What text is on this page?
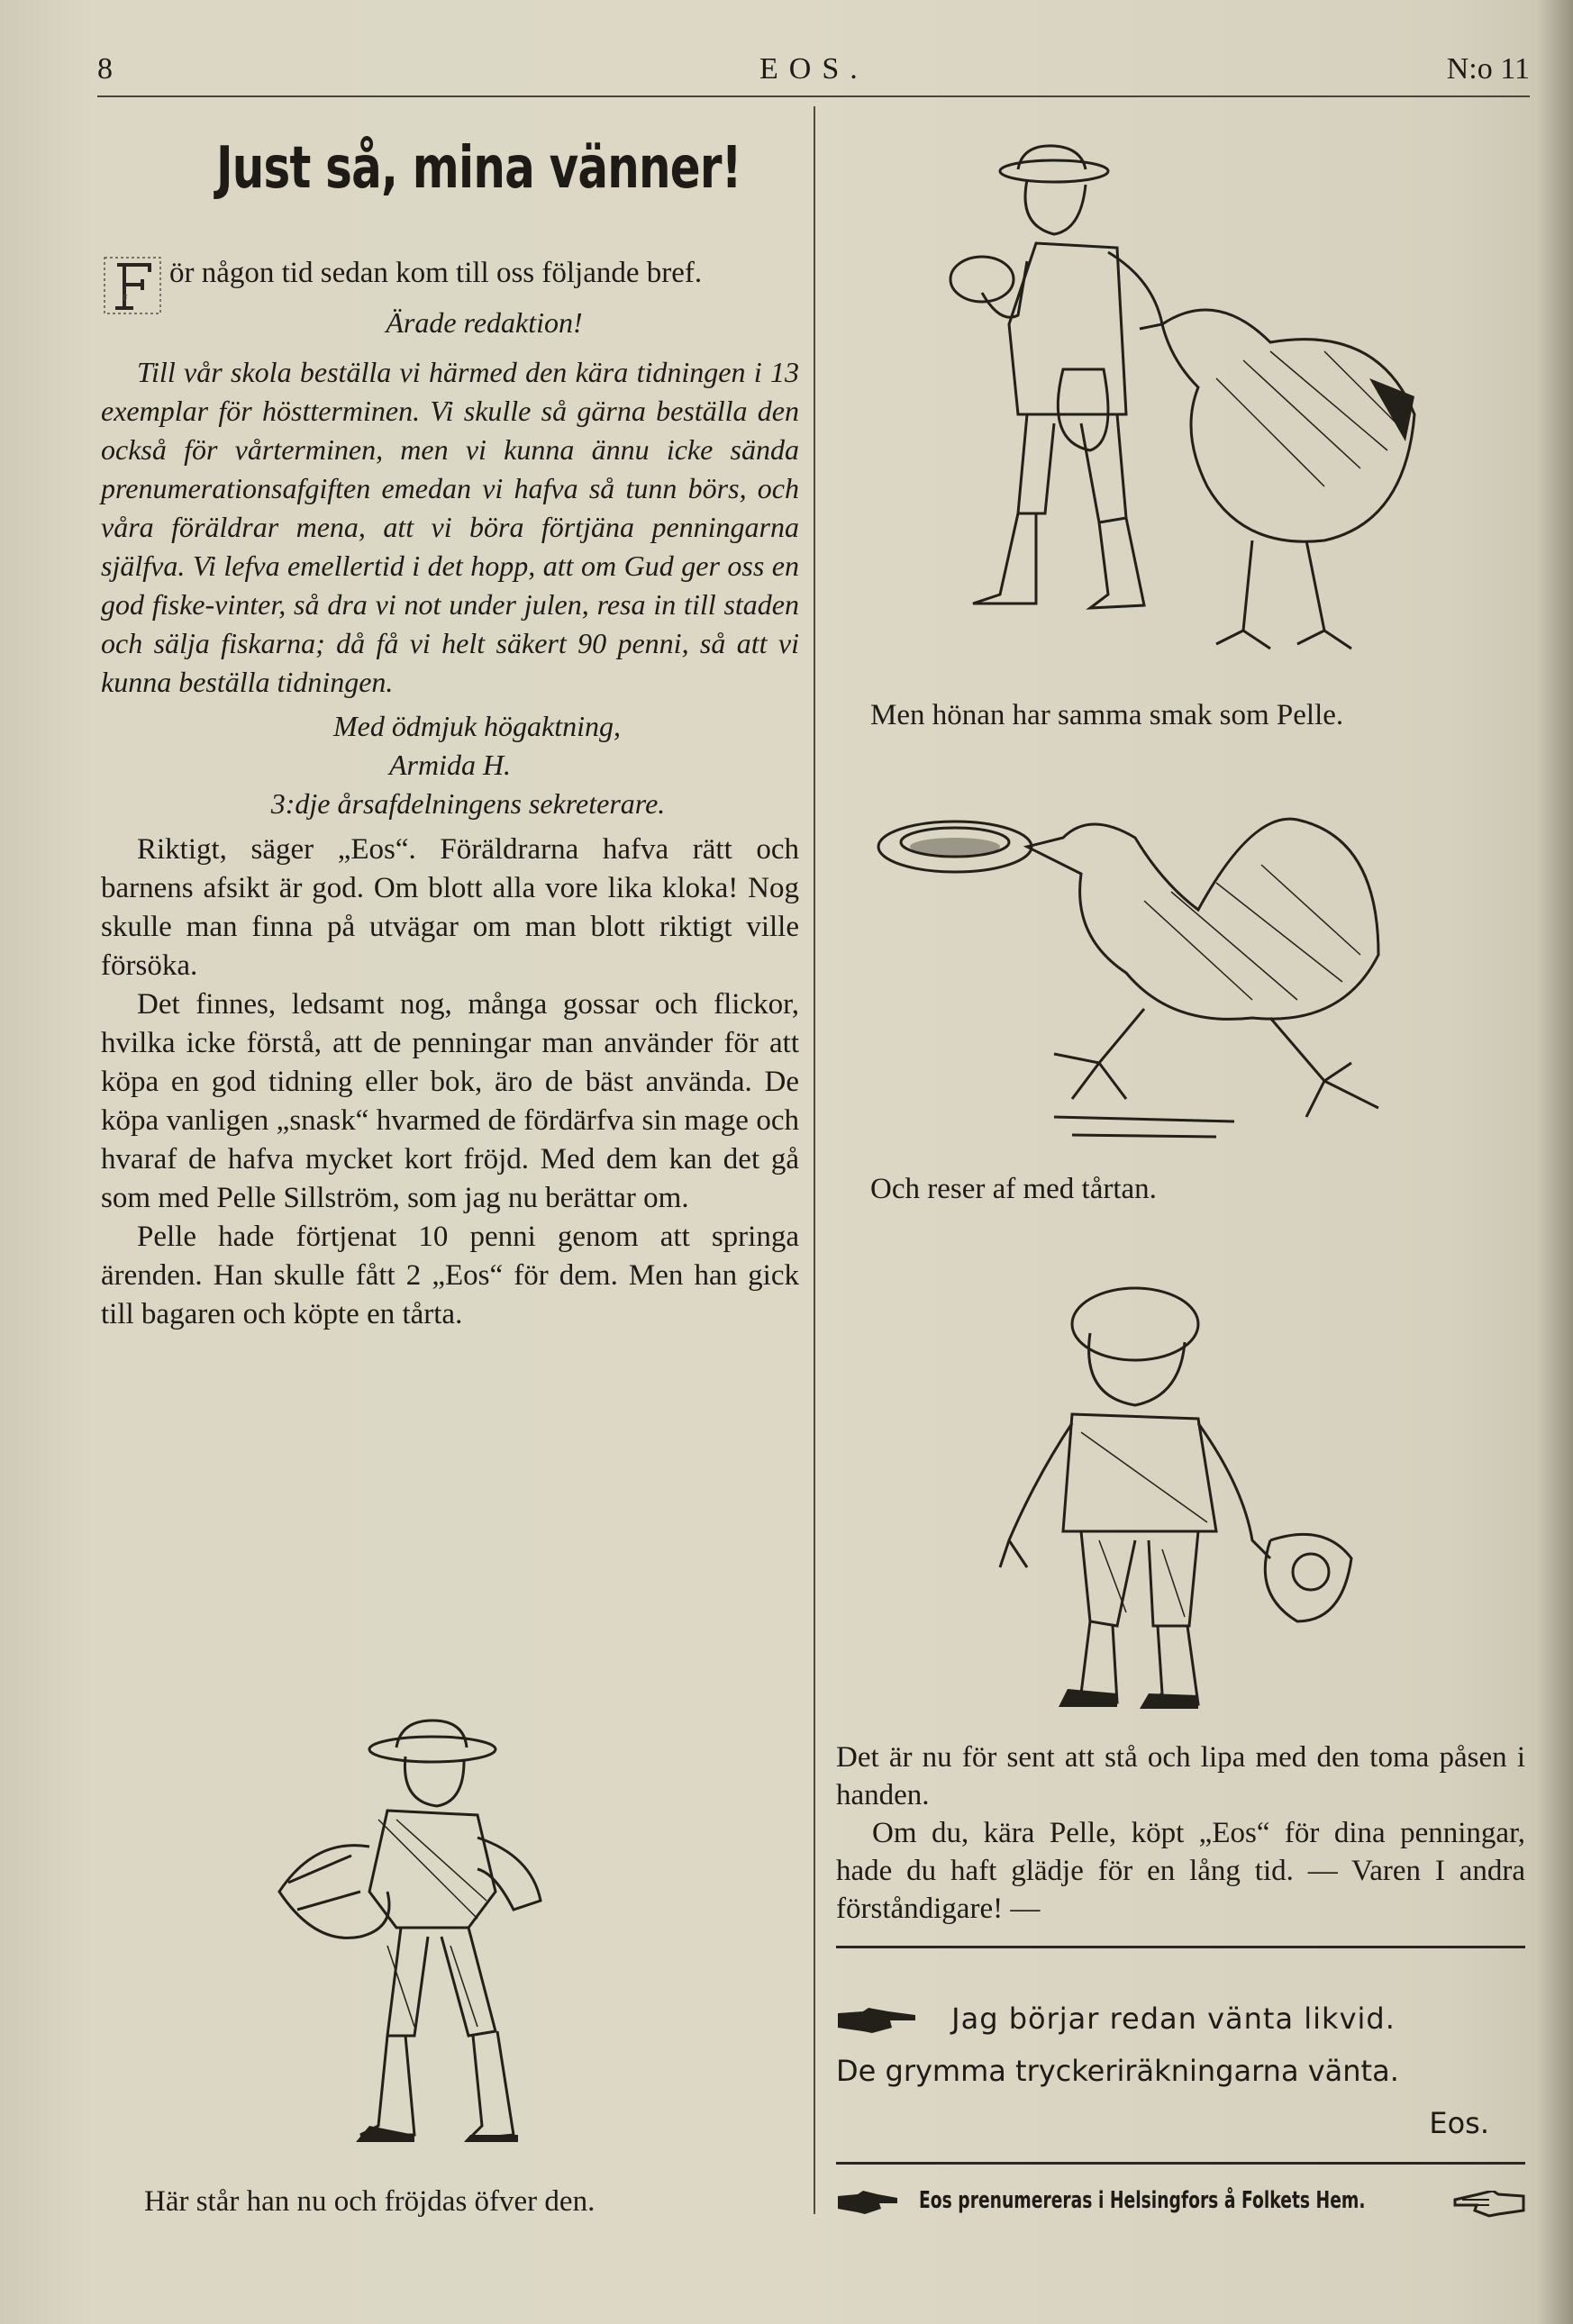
8	EOS.	N:o 11
Just så, mina vänner!
F
ör någon tid sedan kom till oss följande bref.
Ärade redaktion!
Till vår skola beställa vi härmed den kära tidningen i 13 exemplar för höstterminen. Vi skulle så gärna beställa den också för vårterminen, men vi kunna ännu icke sända prenumerationsafgiften emedan vi hafva så tunn börs, och våra föräldrar mena, att vi böra förtjäna penningarna själfva. Vi lefva emellertid i det hopp, att om Gud ger oss en god fiske-vinter, så dra vi not under julen, resa in till staden och sälja fiskarna; då få vi helt säkert 90 penni, så att vi kunna beställa tidningen.
Med ödmjuk högaktning,
Armida H.
3:dje årsafdelningens sekreterare.

Riktigt, säger „Eos“. Föräldrarna hafva rätt och barnens afsikt är god. Om blott alla vore lika kloka! Nog skulle man finna på utvägar om man blott riktigt ville försöka.

Det finnes, ledsamt nog, många gossar och flickor, hvilka icke förstå, att de penningar man använder för att köpa en god tidning eller bok, äro de bäst använda. De köpa vanligen „snask“ hvarmed de fördärfva sin mage och hvaraf de hafva mycket kort fröjd. Med dem kan det gå som med Pelle Sillström, som jag nu berättar om.

Pelle hade förtjenat 10 penni genom att springa ärenden. Han skulle fått 2 „Eos“ för dem. Men han gick till bagaren och köpte en tårta.

Här står han nu och fröjdas öfver den.
Men hönan har samma smak som Pelle.
Och reser af med tårtan.

Det är nu för sent att stå och lipa med den toma påsen i handen.

Om du, kära Pelle, köpt „Eos“ för dina penningar, hade du haft glädje för en lång tid. — Varen I andra förståndigare! —

Jag börjar redan vänta likvid.
De grymma tryckeriräkningarna vänta.
Eos.
Eos prenumereras i Helsingfors å Folkets Hem.
